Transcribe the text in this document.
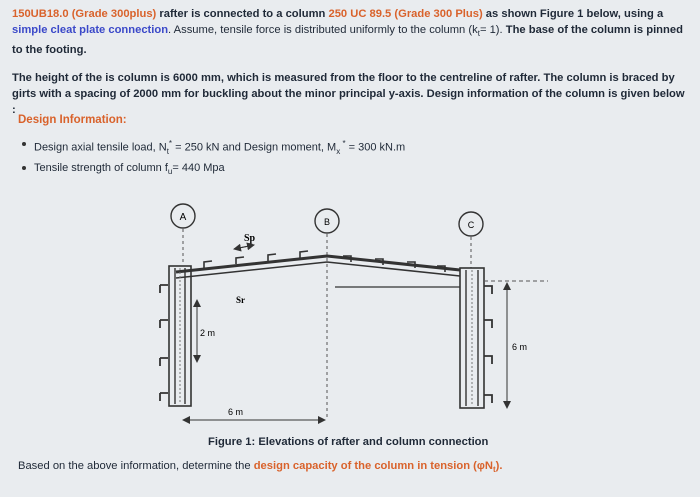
150UB18.0 (Grade 300plus) rafter is connected to a column 250 UC 89.5 (Grade 300 Plus) as shown Figure 1 below, using a simple cleat plate connection. Assume, tensile force is distributed uniformly to the column $(k_t= 1)$. The base of the column is pinned to the footing.
The height of the is column is 6000 mm, which is measured from the floor to the centreline of rafter. The column is braced by girts with a spacing of 2000 mm for buckling about the minor principal y-axis. Design information of the column is given below :
Design Information:
Design axial tensile load, $N_t^* = 250$ kN and Design moment, $M_x$ * = 300 kN.m
Tensile strength of column $f_u= 440$ Mpa
A	B	C
2 m
6 m
6 m
Sp
Sr
Figure 1: Elevations of rafter and column connection
Based on the above information, determine the design capacity of the column in tension $(\varphi N_t)$.
